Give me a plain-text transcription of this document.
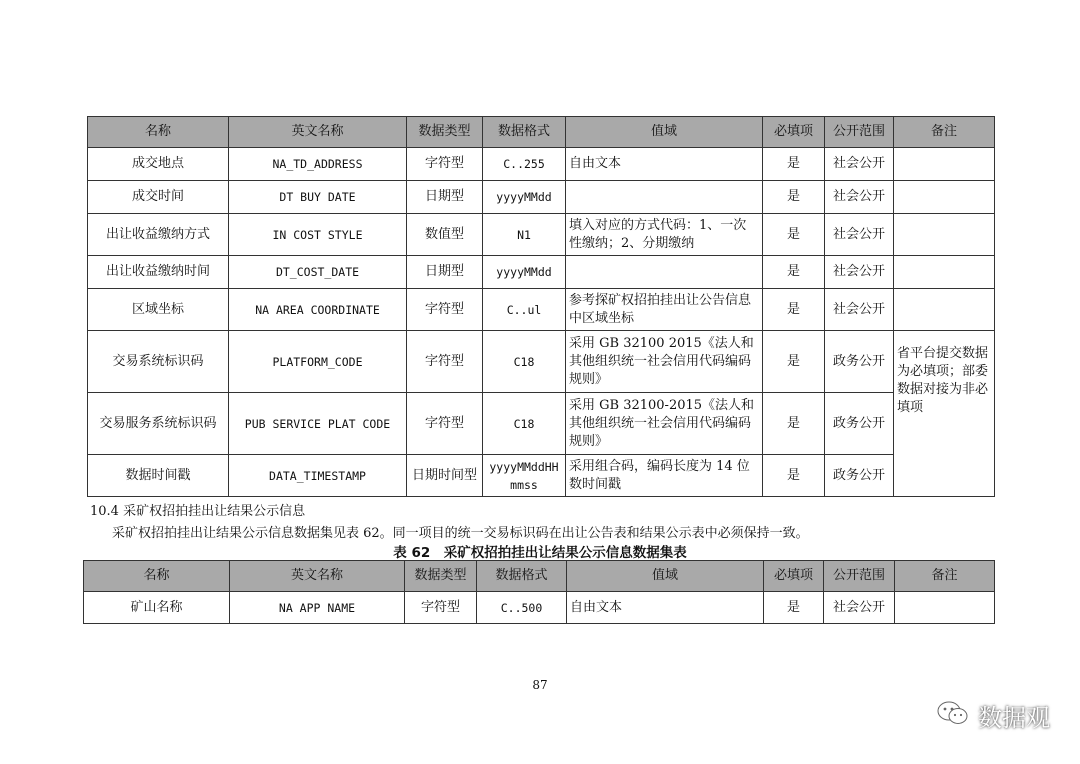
名称	英文名称	数据类型	数据格式	值域	必填项	公开范围	备注
成交地点	NA_TD_ADDRESS	字符型	C..255	自由文本	是	社会公开	
成交时间	DT BUY DATE	日期型	yyyyMMdd		是	社会公开	
出让收益缴纳方式	IN COST STYLE	数值型	N1	填入对应的方式代码：1、一次性缴纳；2、分期缴纳	是	社会公开	
出让收益缴纳时间	DT_COST_DATE	日期型	yyyyMMdd		是	社会公开	
区域坐标	NA AREA COORDINATE	字符型	C..ul	参考探矿权招拍挂出让公告信息中区域坐标	是	社会公开	
交易系统标识码	PLATFORM_CODE	字符型	C18	采用 GB 32100 2015《法人和其他组织统一社会信用代码编码规则》	是	政务公开	省平台提交数据为必填项；部委数据对接为非必填项
交易服务系统标识码	PUB SERVICE PLAT CODE	字符型	C18	采用 GB 32100-2015《法人和其他组织统一社会信用代码编码规则》	是	政务公开	
数据时间戳	DATA_TIMESTAMP	日期时间型	yyyyMMddHHmmss	采用组合码，编码长度为 14 位数时间戳	是	政务公开	
10.4 采矿权招拍挂出让结果公示信息
采矿权招拍挂出让结果公示信息数据集见表 62。同一项目的统一交易标识码在出让公告表和结果公示表中必须保持一致。
表 62　采矿权招拍挂出让结果公示信息数据集表
名称	英文名称	数据类型	数据格式	值域	必填项	公开范围	备注
矿山名称	NA APP NAME	字符型	C..500	自由文本	是	社会公开	
87
数据观
